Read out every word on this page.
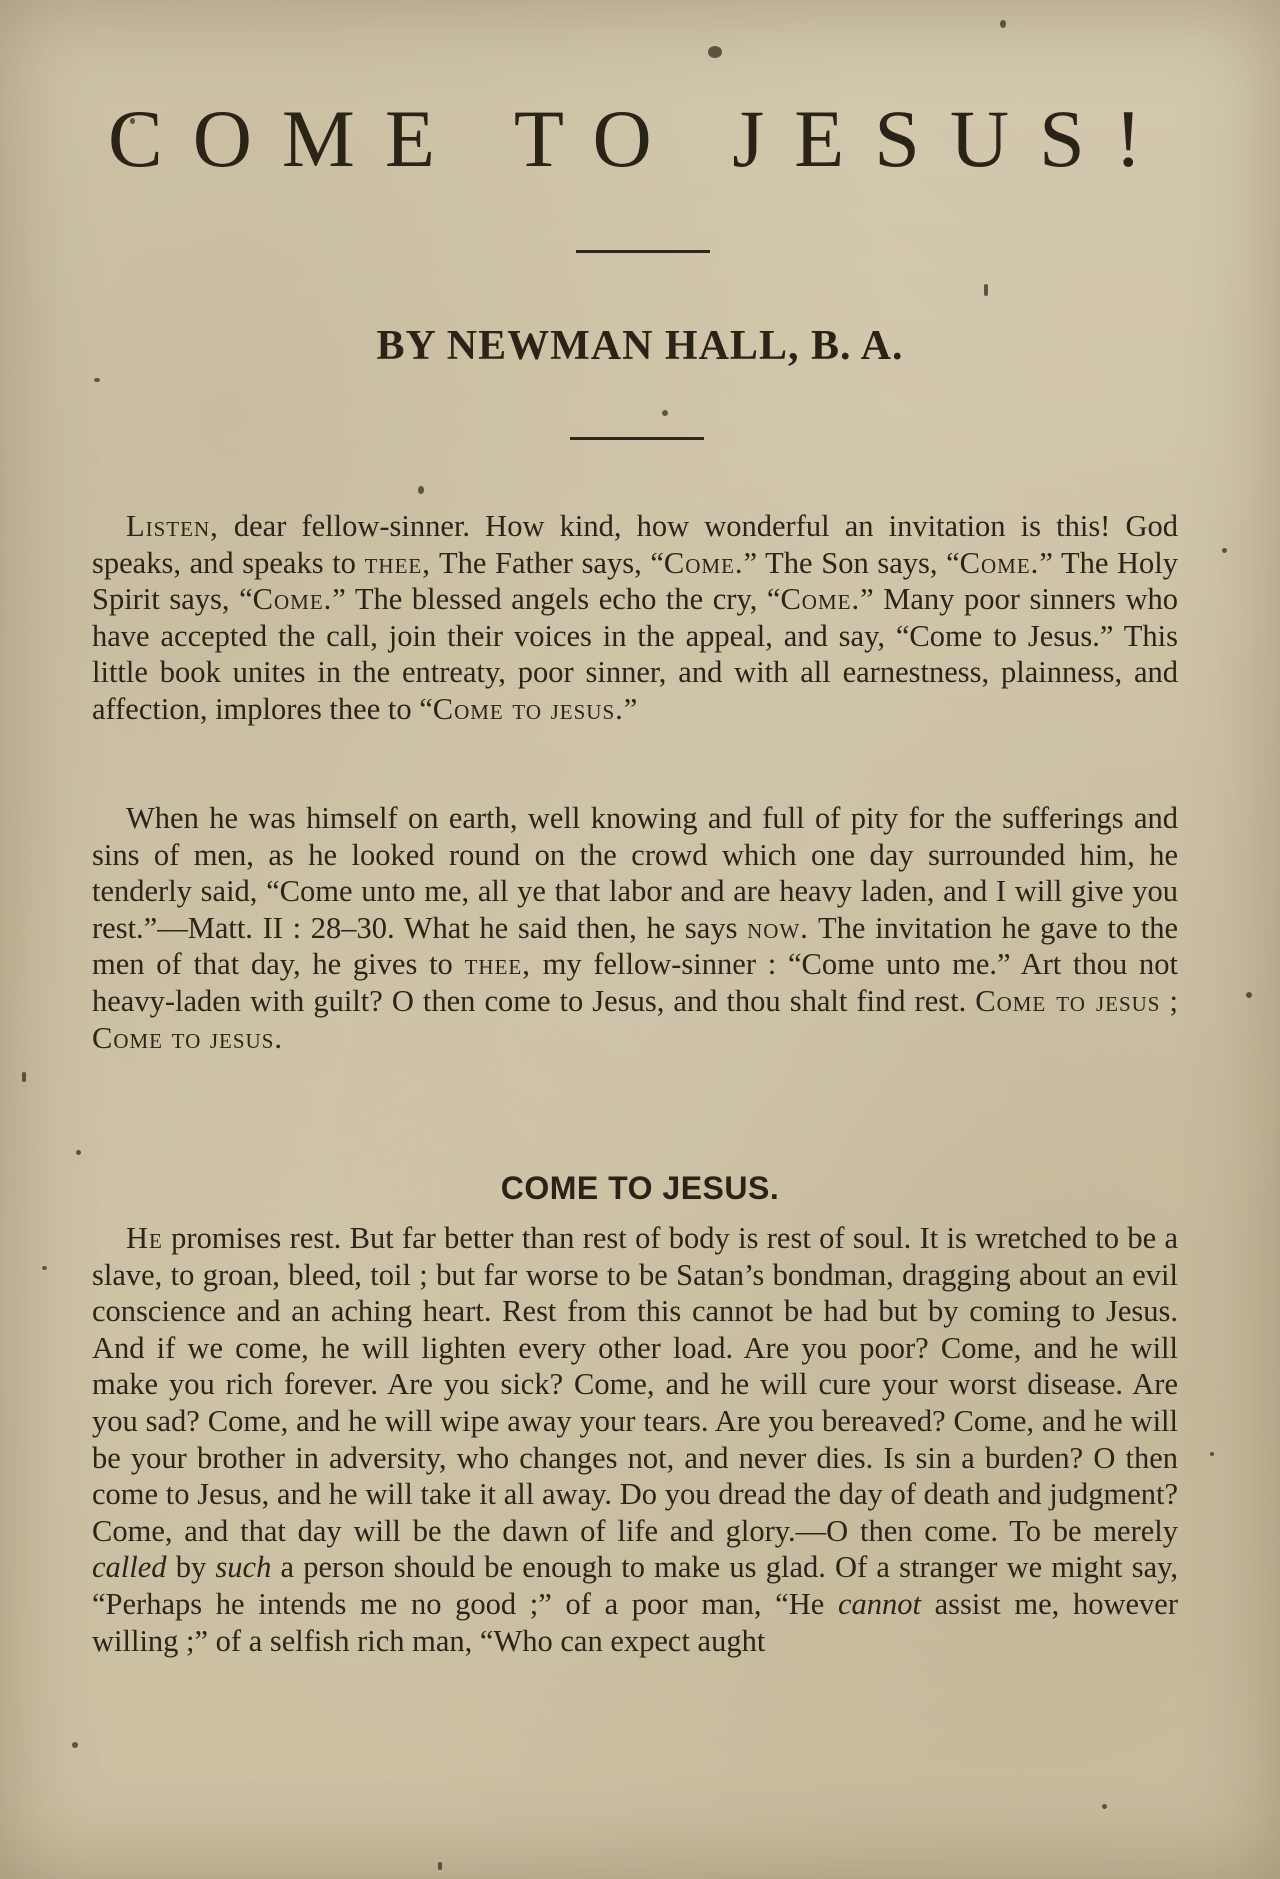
COME TO JESUS!
BY NEWMAN HALL, B. A.

Listen, dear fellow-sinner. How kind, how wonderful an invitation is this! God speaks, and speaks to thee, The Father says, “Come.” The Son says, “Come.” The Holy Spirit says, “Come.” The blessed angels echo the cry, “Come.” Many poor sinners who have accepted the call, join their voices in the appeal, and say, “Come to Jesus.” This little book unites in the entreaty, poor sinner, and with all earnestness, plainness, and affection, implores thee to “Come to jesus.”

When he was himself on earth, well knowing and full of pity for the sufferings and sins of men, as he looked round on the crowd which one day surrounded him, he tenderly said, “Come unto me, all ye that labor and are heavy laden, and I will give you rest.”—Matt. II : 28–30. What he said then, he says now. The invitation he gave to the men of that day, he gives to thee, my fellow-sinner : “Come unto me.” Art thou not heavy-laden with guilt? O then come to Jesus, and thou shalt find rest. Come to jesus ; Come to jesus.

COME TO JESUS.

He promises rest. But far better than rest of body is rest of soul. It is wretched to be a slave, to groan, bleed, toil ; but far worse to be Satan’s bondman, dragging about an evil conscience and an aching heart. Rest from this cannot be had but by coming to Jesus. And if we come, he will lighten every other load. Are you poor? Come, and he will make you rich forever. Are you sick? Come, and he will cure your worst disease. Are you sad? Come, and he will wipe away your tears. Are you bereaved? Come, and he will be your brother in adversity, who changes not, and never dies. Is sin a burden? O then come to Jesus, and he will take it all away. Do you dread the day of death and judgment? Come, and that day will be the dawn of life and glory.—O then come. To be merely called by such a person should be enough to make us glad. Of a stranger we might say, “Perhaps he intends me no good ;” of a poor man, “He cannot assist me, however willing ;” of a selfish rich man, “Who can expect aught
